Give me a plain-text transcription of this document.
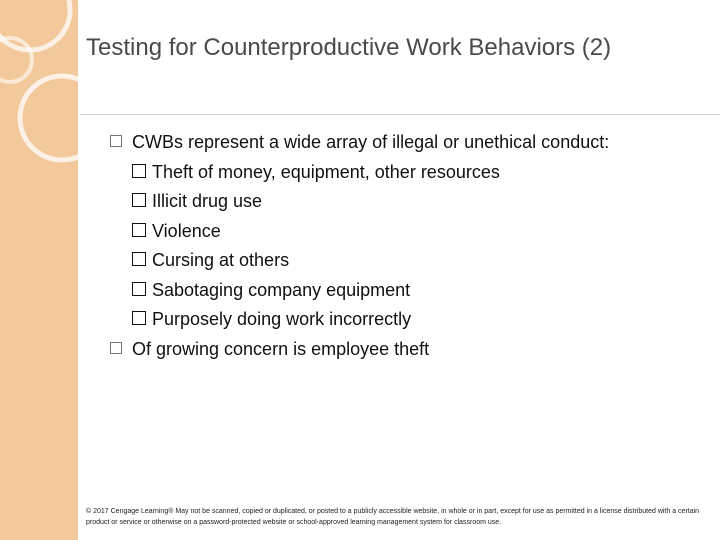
Testing for Counterproductive Work Behaviors (2)
CWBs represent a wide array of illegal or unethical conduct:
Theft of money, equipment, other resources
Illicit drug use
Violence
Cursing at others
Sabotaging company equipment
Purposely doing work incorrectly
Of growing concern is employee theft
© 2017 Cengage Learning® May not be scanned, copied or duplicated, or posted to a publicly accessible website, in whole or in part, except for use as permitted in a license distributed with a certain product or service or otherwise on a password-protected website or school-approved learning management system for classroom use.
